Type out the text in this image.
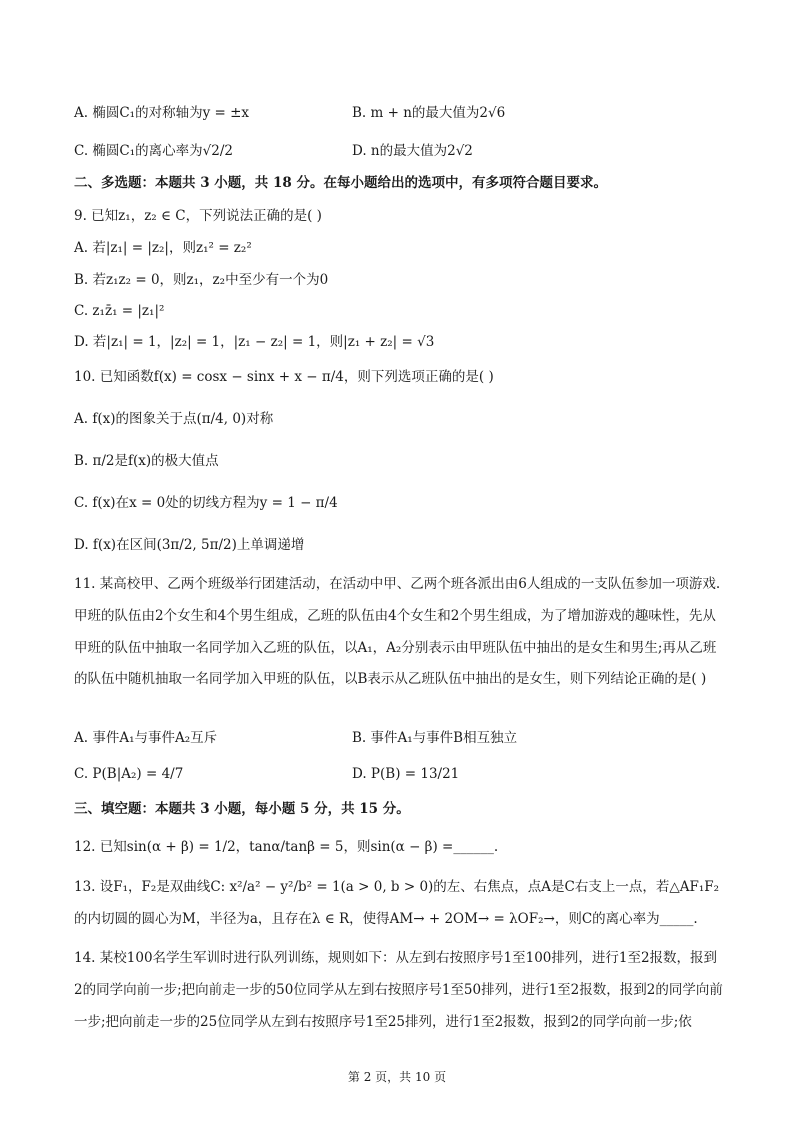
A. 椭圆C₁的对称轴为y = ±x	B. m + n的最大值为2√6
C. 椭圆C₁的离心率为√2/2	D. n的最大值为2√2
二、多选题：本题共 3 小题，共 18 分。在每小题给出的选项中，有多项符合题目要求。
9. 已知z₁，z₂ ∈ C，下列说法正确的是( )
A. 若|z₁| = |z₂|，则z₁² = z₂²
B. 若z₁z₂ = 0，则z₁，z₂中至少有一个为0
C. z₁z̄₁ = |z₁|²
D. 若|z₁| = 1，|z₂| = 1，|z₁ − z₂| = 1，则|z₁ + z₂| = √3
10. 已知函数f(x) = cosx − sinx + x − π/4，则下列选项正确的是( )
A. f(x)的图象关于点(π/4, 0)对称
B. π/2是f(x)的极大值点
C. f(x)在x = 0处的切线方程为y = 1 − π/4
D. f(x)在区间(3π/2, 5π/2)上单调递增
11. 某高校甲、乙两个班级举行团建活动，在活动中甲、乙两个班各派出由6人组成的一支队伍参加一项游戏.甲班的队伍由2个女生和4个男生组成，乙班的队伍由4个女生和2个男生组成，为了增加游戏的趣味性，先从甲班的队伍中抽取一名同学加入乙班的队伍，以A₁，A₂分别表示由甲班队伍中抽出的是女生和男生;再从乙班的队伍中随机抽取一名同学加入甲班的队伍，以B表示从乙班队伍中抽出的是女生，则下列结论正确的是( )
A. 事件A₁与事件A₂互斥	B. 事件A₁与事件B相互独立
C. P(B|A₂) = 4/7	D. P(B) = 13/21
三、填空题：本题共 3 小题，每小题 5 分，共 15 分。
12. 已知sin(α + β) = 1/2，tanα/tanβ = 5，则sin(α − β) =______.
13. 设F₁，F₂是双曲线C: x²/a² − y²/b² = 1(a > 0, b > 0)的左、右焦点，点A是C右支上一点，若△AF₁F₂的内切圆的圆心为M，半径为a，且存在λ ∈ R，使得AM→ + 2OM→ = λOF₂→，则C的离心率为_____.
14. 某校100名学生军训时进行队列训练，规则如下：从左到右按照序号1至100排列，进行1至2报数，报到2的同学向前一步;把向前走一步的50位同学从左到右按照序号1至50排列，进行1至2报数，报到2的同学向前一步;把向前走一步的25位同学从左到右按照序号1至25排列，进行1至2报数，报到2的同学向前一步;依
第 2 页，共 10 页
